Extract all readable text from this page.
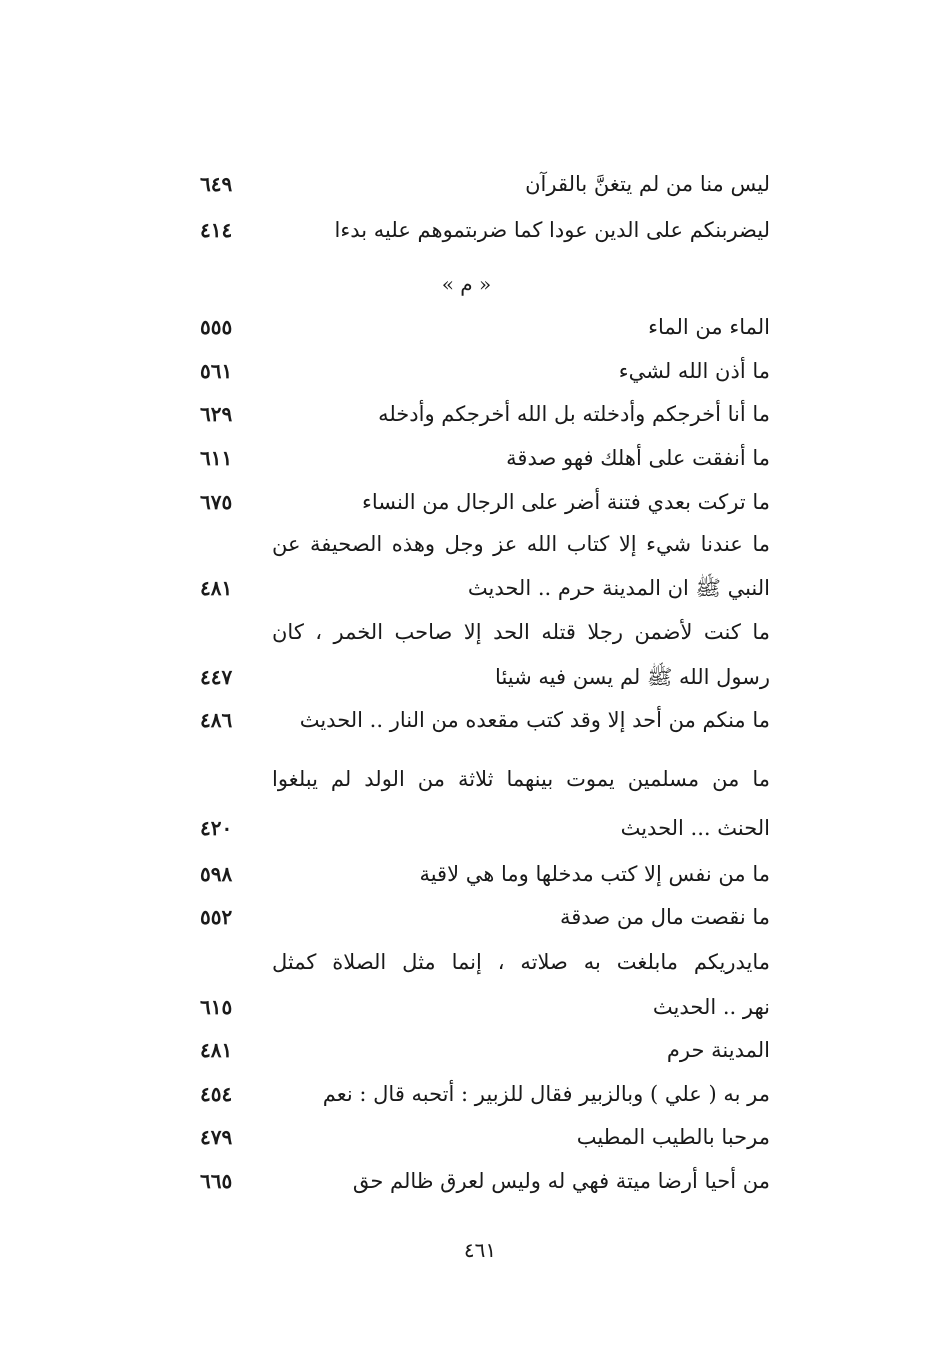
ليس منا من لم يتغنَّ بالقرآن
٦٤٩
ليضربنكم على الدين عودا كما ضربتموهم عليه بدءا
٤١٤
« م »
الماء من الماء
٥٥٥
ما أذن الله لشيء
٥٦١
ما أنا أخرجكم وأدخلته بل الله أخرجكم وأدخله
٦٢٩
ما أنفقت على أهلك فهو صدقة
٦١١
ما تركت بعدي فتنة أضر على الرجال من النساء
٦٧٥
ما عندنا شيء إلا كتاب الله عز وجل وهذه الصحيفة عن
النبي ﷺ ان المدينة حرم .. الحديث
٤٨١
ما كنت لأضمن رجلا قتله الحد إلا صاحب الخمر ، كان
رسول الله ﷺ لم يسن فيه شيئا
٤٤٧
ما منكم من أحد إلا وقد كتب مقعده من النار .. الحديث
٤٨٦
ما من مسلمين يموت بينهما ثلاثة من الولد لم يبلغوا
الحنث ... الحديث
٤٢٠
ما من نفس إلا كتب مدخلها وما هي لاقية
٥٩٨
ما نقصت مال من صدقة
٥٥٢
مايدريكم مابلغت به صلاته ، إنما مثل الصلاة كمثل
نهر .. الحديث
٦١٥
المدينة حرم
٤٨١
مر به ( علي ) وبالزبير فقال للزبير : أتحبه قال : نعم
٤٥٤
مرحبا بالطيب المطيب
٤٧٩
من أحيا أرضا ميتة فهي له وليس لعرق ظالم حق
٦٦٥
٤٦١
